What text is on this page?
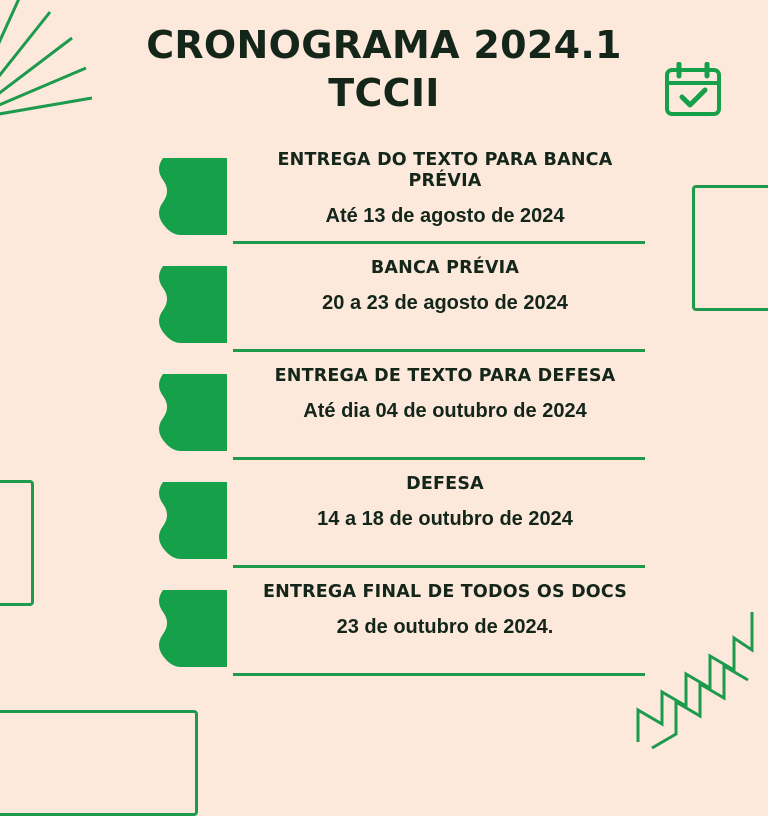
CRONOGRAMA 2024.1
TCCII
ENTREGA DO TEXTO PARA BANCA PRÉVIA
Até 13 de agosto de 2024
BANCA PRÉVIA
20 a 23 de agosto de 2024
ENTREGA DE TEXTO PARA DEFESA
Até dia 04 de outubro de 2024
DEFESA
14 a 18 de outubro de 2024
ENTREGA FINAL DE TODOS OS DOCS
23 de outubro de 2024.
